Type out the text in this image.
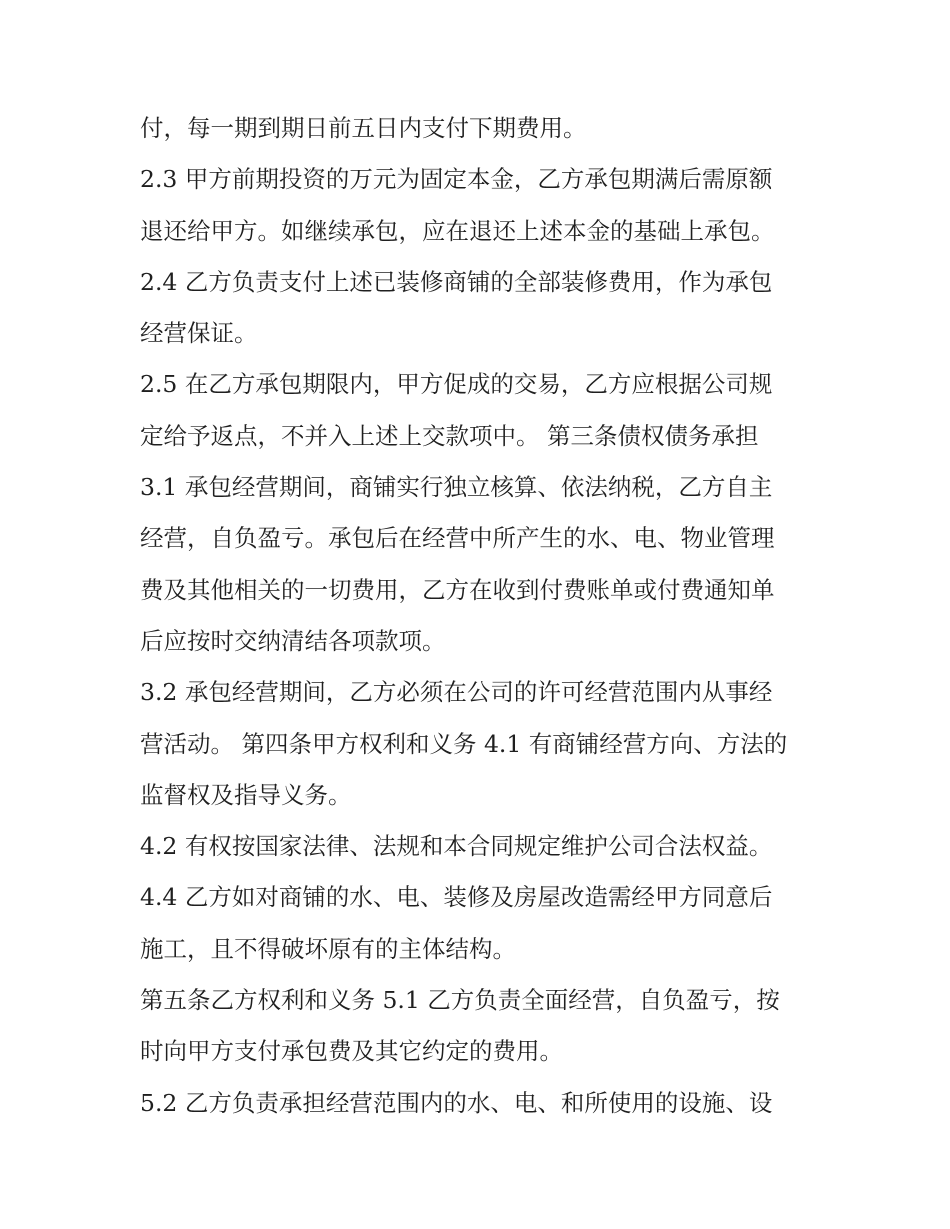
付，每一期到期日前五日内支付下期费用。
2.3 甲方前期投资的万元为固定本金，乙方承包期满后需原额
退还给甲方。如继续承包，应在退还上述本金的基础上承包。
2.4 乙方负责支付上述已装修商铺的全部装修费用，作为承包
经营保证。
2.5 在乙方承包期限内，甲方促成的交易，乙方应根据公司规
定给予返点，不并入上述上交款项中。 第三条债权债务承担
3.1 承包经营期间，商铺实行独立核算、依法纳税，乙方自主
经营，自负盈亏。承包后在经营中所产生的水、电、物业管理
费及其他相关的一切费用，乙方在收到付费账单或付费通知单
后应按时交纳清结各项款项。
3.2 承包经营期间，乙方必须在公司的许可经营范围内从事经
营活动。 第四条甲方权利和义务 4.1 有商铺经营方向、方法的
监督权及指导义务。
4.2 有权按国家法律、法规和本合同规定维护公司合法权益。
4.4 乙方如对商铺的水、电、装修及房屋改造需经甲方同意后
施工，且不得破坏原有的主体结构。
第五条乙方权利和义务 5.1 乙方负责全面经营，自负盈亏，按
时向甲方支付承包费及其它约定的费用。
5.2 乙方负责承担经营范围内的水、电、和所使用的设施、设
